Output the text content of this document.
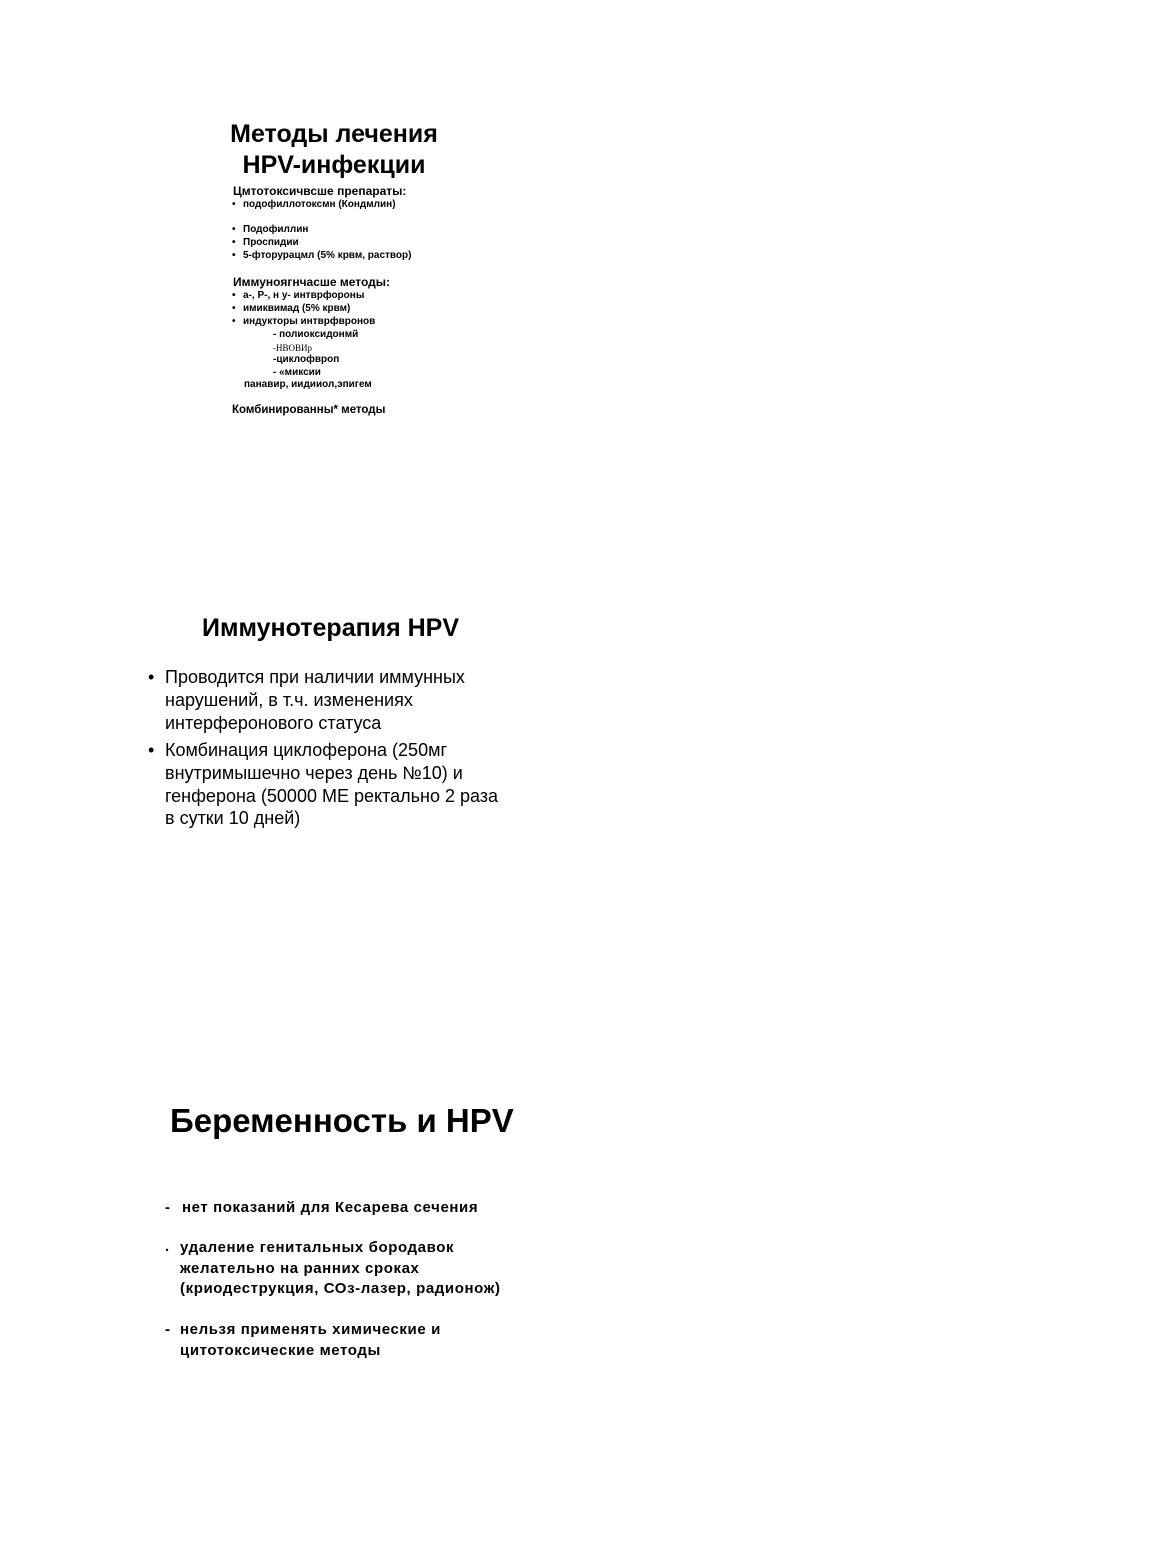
Методы лечения
HPV-инфекции
Цмтотоксичвсше препараты:
• подофиллотоксмн (Кондмлин)
• Подофиллин
• Проспидии
• 5-фторурацмл (5% крвм, раствор)
Иммуноягнчасше методы:
• а-, Р-, н у- интврфороны
• имиквимад (5% крвм)
• индукторы интврфвронов
- полиоксидонмй
-НВОВИр
-циклофвроп
- «миксии
панавир, иидииол,эпигем
Комбинированны* методы
Иммунотерапия HPV
• Проводится при наличии иммунных
нарушений, в т.ч. изменениях
интерферонового статуса
• Комбинация циклоферона (250мг
внутримышечно через день №10) и
генферона (50000 МЕ ректально 2 раза
в сутки 10 дней)
Беременность и HPV
- нет показаний для Кесарева сечения
. удаление генитальных бородавок
желательно на ранних сроках
(криодеструкция, СОз-лазер, радионож)
- нельзя применять химические и
цитотоксические методы
